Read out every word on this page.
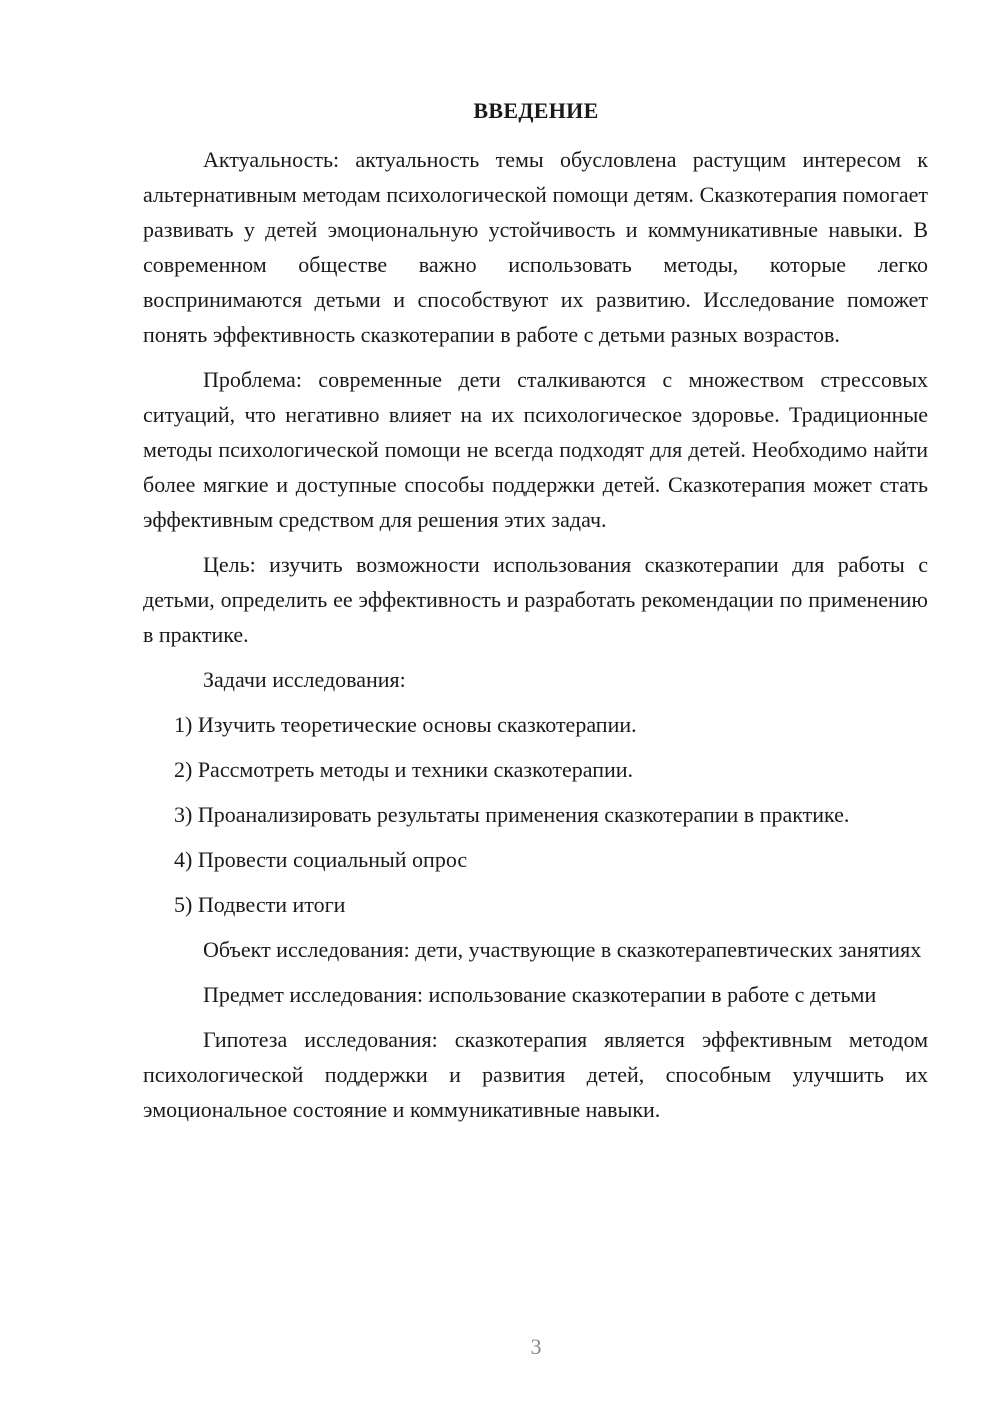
ВВЕДЕНИЕ

Актуальность: актуальность темы обусловлена растущим интересом к альтернативным методам психологической помощи детям. Сказкотерапия помогает развивать у детей эмоциональную устойчивость и коммуникативные навыки. В современном обществе важно использовать методы, которые легко воспринимаются детьми и способствуют их развитию. Исследование поможет понять эффективность сказкотерапии в работе с детьми разных возрастов.

Проблема: современные дети сталкиваются с множеством стрессовых ситуаций, что негативно влияет на их психологическое здоровье. Традиционные методы психологической помощи не всегда подходят для детей. Необходимо найти более мягкие и доступные способы поддержки детей. Сказкотерапия может стать эффективным средством для решения этих задач.

Цель: изучить возможности использования сказкотерапии для работы с детьми, определить ее эффективность и разработать рекомендации по применению в практике.

Задачи исследования:

1) Изучить теоретические основы сказкотерапии.

2) Рассмотреть методы и техники сказкотерапии.

3) Проанализировать результаты применения сказкотерапии в практике.

4) Провести социальный опрос

5) Подвести итоги

Объект исследования: дети, участвующие в сказкотерапевтических занятиях

Предмет исследования: использование сказкотерапии в работе с детьми

Гипотеза исследования: сказкотерапия является эффективным методом психологической поддержки и развития детей, способным улучшить их эмоциональное состояние и коммуникативные навыки.

3
